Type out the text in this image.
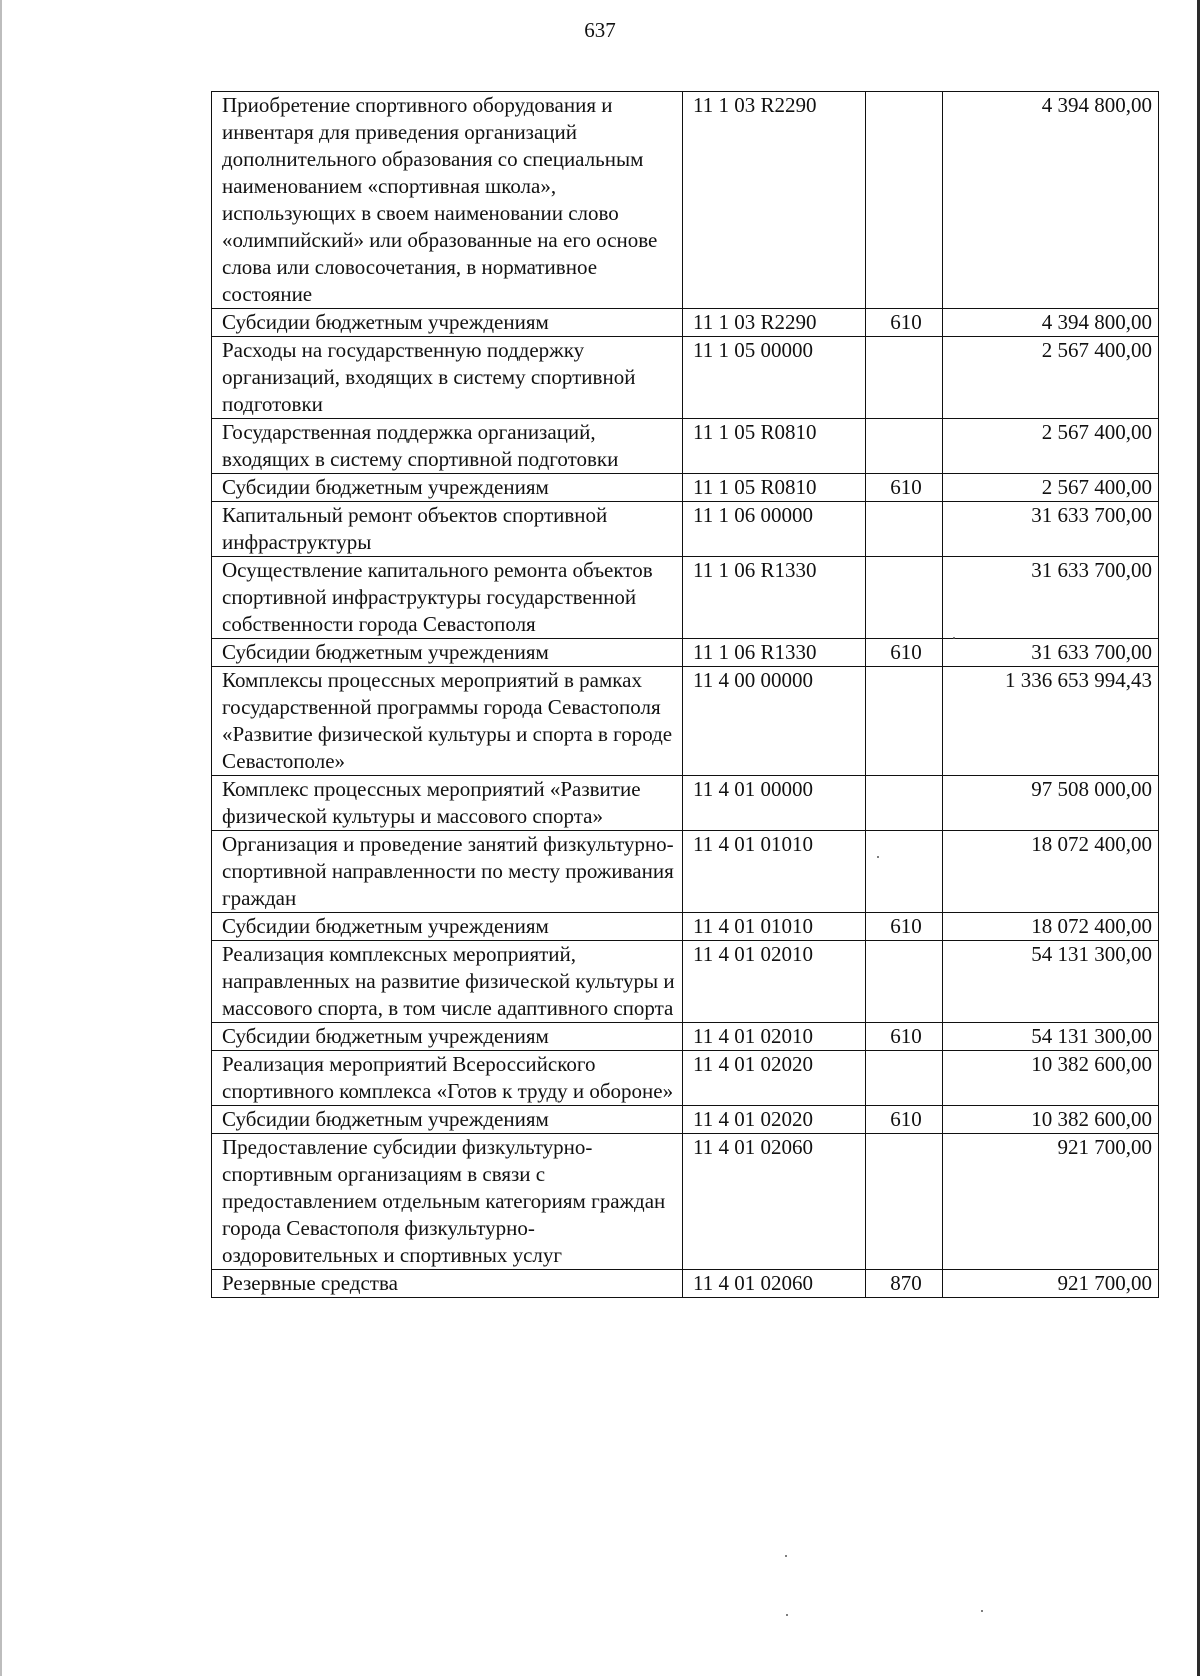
637
Приобретение спортивного оборудования и инвентаря для приведения организаций дополнительного образования со специальным наименованием «спортивная школа», использующих в своем наименовании слово «олимпийский» или образованные на его основе слова или словосочетания, в нормативное состояние	11 1 03 R2290		4 394 800,00
Субсидии бюджетным учреждениям	11 1 03 R2290	610	4 394 800,00
Расходы на государственную поддержку организаций, входящих в систему спортивной подготовки	11 1 05 00000		2 567 400,00
Государственная поддержка организаций, входящих в систему спортивной подготовки	11 1 05 R0810		2 567 400,00
Субсидии бюджетным учреждениям	11 1 05 R0810	610	2 567 400,00
Капитальный ремонт объектов спортивной инфраструктуры	11 1 06 00000		31 633 700,00
Осуществление капитального ремонта объектов спортивной инфраструктуры государственной собственности города Севастополя	11 1 06 R1330		31 633 700,00
Субсидии бюджетным учреждениям	11 1 06 R1330	610	31 633 700,00
Комплексы процессных мероприятий в рамках государственной программы города Севастополя «Развитие физической культуры и спорта в городе Севастополе»	11 4 00 00000		1 336 653 994,43
Комплекс процессных мероприятий «Развитие физической культуры и массового спорта»	11 4 01 00000		97 508 000,00
Организация и проведение занятий физкультурно-спортивной направленности по месту проживания граждан	11 4 01 01010		18 072 400,00
Субсидии бюджетным учреждениям	11 4 01 01010	610	18 072 400,00
Реализация комплексных мероприятий, направленных на развитие физической культуры и массового спорта, в том числе адаптивного спорта	11 4 01 02010		54 131 300,00
Субсидии бюджетным учреждениям	11 4 01 02010	610	54 131 300,00
Реализация мероприятий Всероссийского спортивного комплекса «Готов к труду и обороне»	11 4 01 02020		10 382 600,00
Субсидии бюджетным учреждениям	11 4 01 02020	610	10 382 600,00
Предоставление субсидии физкультурно-спортивным организациям в связи с предоставлением отдельным категориям граждан города Севастополя физкультурно-оздоровительных и спортивных услуг	11 4 01 02060		921 700,00
Резервные средства	11 4 01 02060	870	921 700,00
